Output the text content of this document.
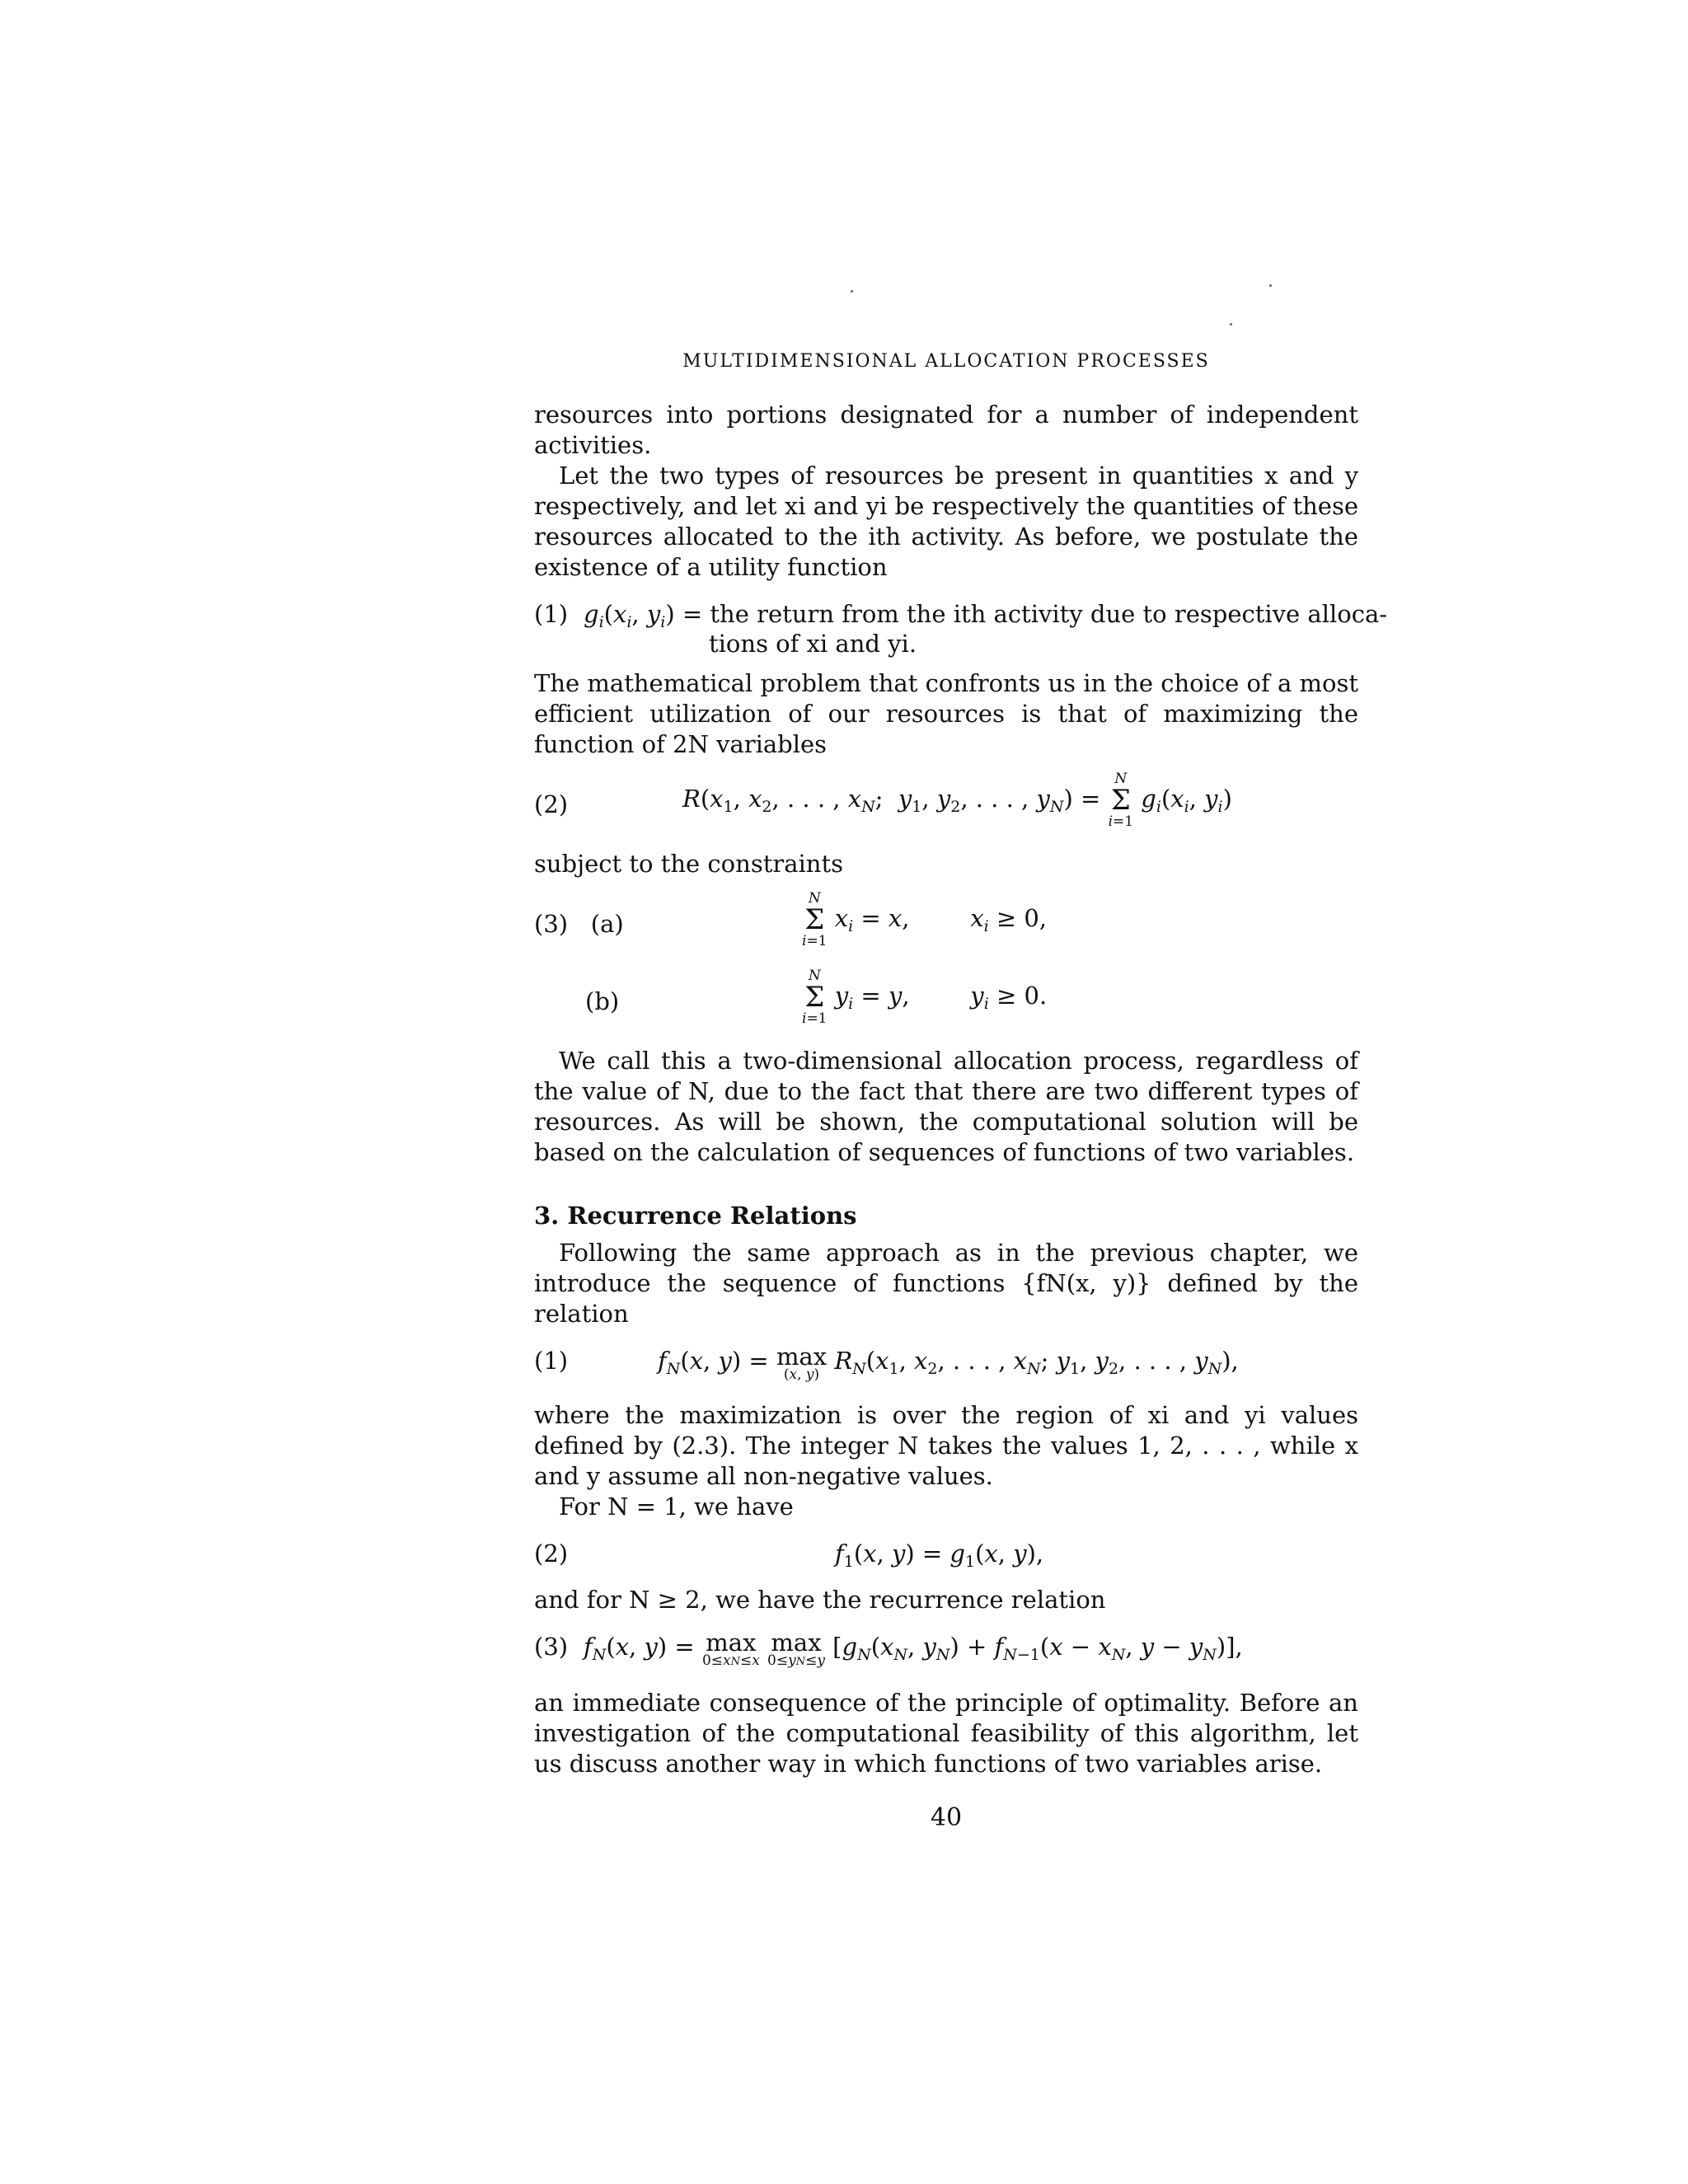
MULTIDIMENSIONAL ALLOCATION PROCESSES

resources into portions designated for a number of independent activities.

Let the two types of resources be present in quantities x and y respectively, and let xi and yi be respectively the quantities of these resources allocated to the ith activity. As before, we postulate the existence of a utility function

(1) $g_i(x_i$, $y_i$) = the return from the ith activity due to respective alloca-
tions of xi and yi.

The mathematical problem that confronts us in the choice of a most efficient utilization of our resources is that of maximizing the function of 2N variables

(2)	$R(x_1$, $x_2$, . . . , $x_N$;  $y_1$, $y_2$, . . . , $y_N$) =
N
Σ
i=1
$g_i(x_i$, $y_i$)

subject to the constraints

(3) (a)
N
Σ
i=1
$x_i = x$,        $x_i \ge 0$,
(b)
N
Σ
i=1
$y_i = y$,        $y_i \ge 0$.

We call this a two-dimensional allocation process, regardless of the value of N, due to the fact that there are two different types of resources. As will be shown, the computational solution will be based on the calculation of sequences of functions of two variables.

3. Recurrence Relations

Following the same approach as in the previous chapter, we introduce the sequence of functions {fN(x, y)} defined by the relation

(1)	$f_N(x$, y) = max
(x, y) $R_N(x_1$, $x_2$, . . . , $x_N$; $y_1$, $y_2$, . . . , $y_N$),

where the maximization is over the region of xi and yi values defined by (2.3). The integer N takes the values 1, 2, . . . , while x and y assume all non-negative values.

For N = 1, we have

(2)	$f_1(x$, $y) = g_1(x$, y),

and for N ≥ 2, we have the recurrence relation

(3) $f_N(x$, y) = max
0≤xN≤x
max
0≤yN≤y [$g_N(x_N$, $y_N) + f_{N-1}(x - x_N$, $y - y_N$)],

an immediate consequence of the principle of optimality. Before an investigation of the computational feasibility of this algorithm, let us discuss another way in which functions of two variables arise.

40
